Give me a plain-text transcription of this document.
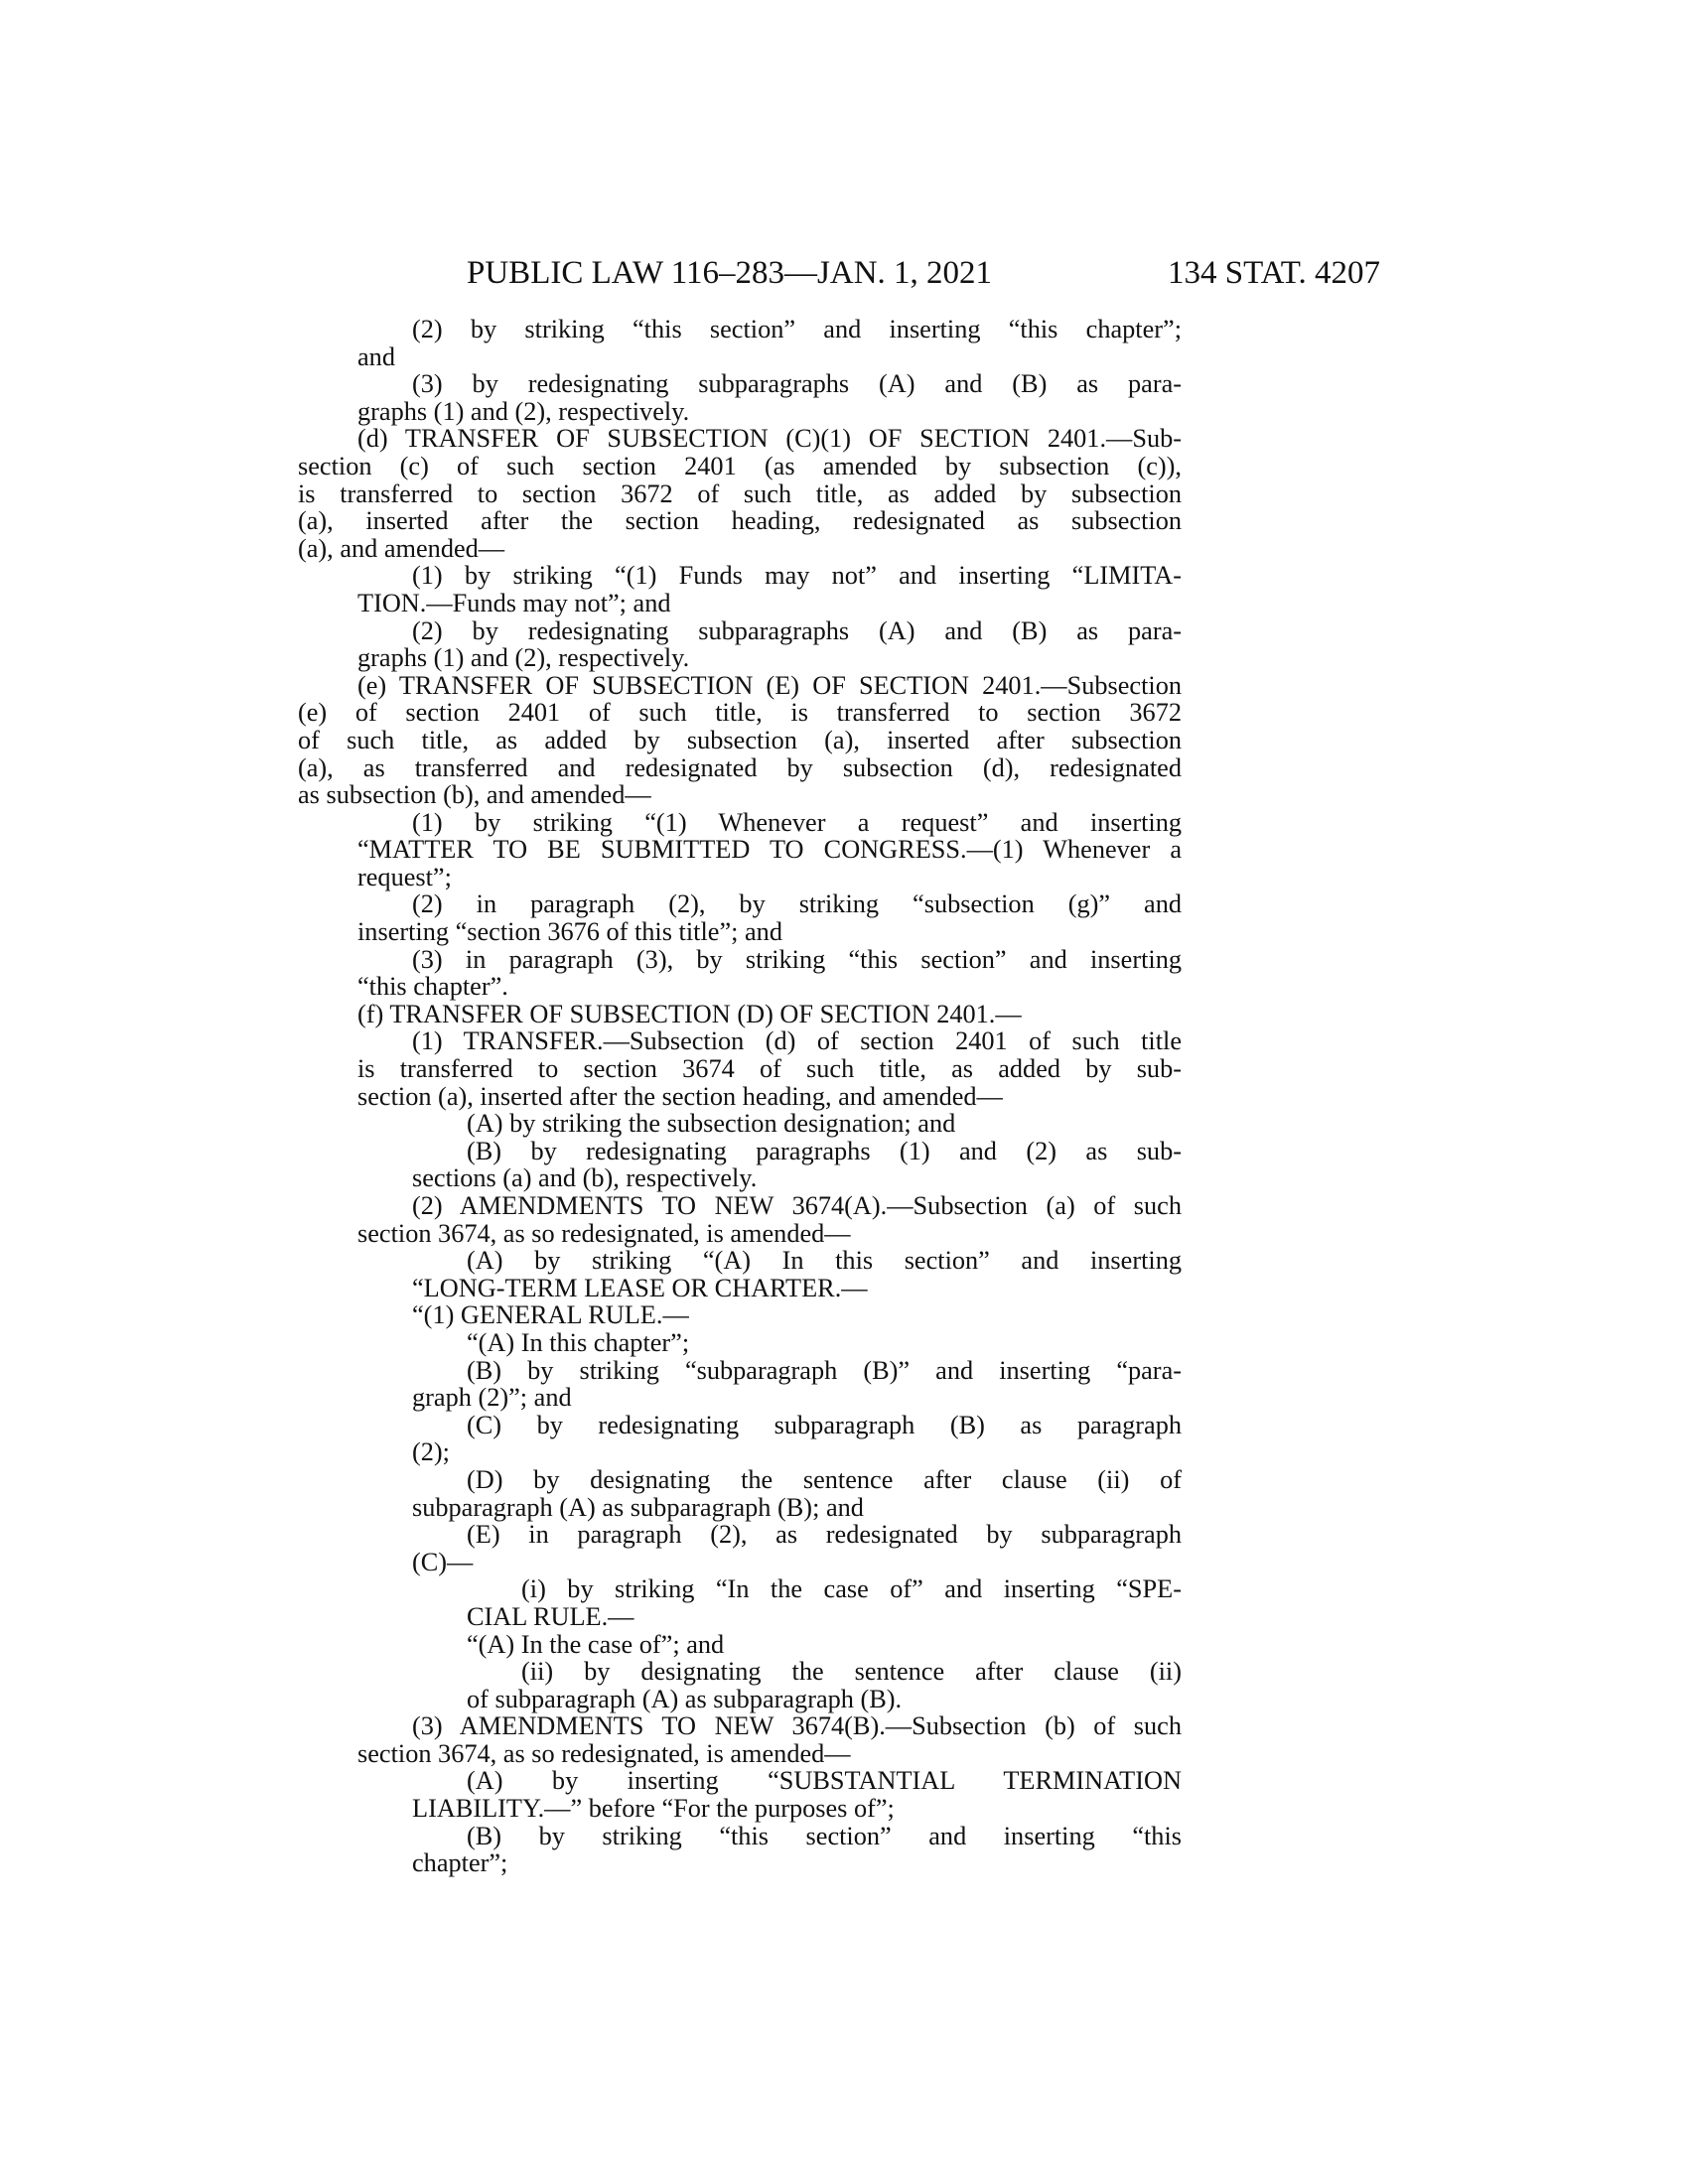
PUBLIC LAW 116–283—JAN. 1, 2021	134 STAT. 4207
(2) by striking “this section” and inserting “this chapter”;
and
(3) by redesignating subparagraphs (A) and (B) as para-
graphs (1) and (2), respectively.
(d) TRANSFER OF SUBSECTION (C)(1) OF SECTION 2401.—Sub-
section (c) of such section 2401 (as amended by subsection (c)),
is transferred to section 3672 of such title, as added by subsection
(a), inserted after the section heading, redesignated as subsection
(a), and amended—
(1) by striking “(1) Funds may not” and inserting “LIMITA-
TION.—Funds may not”; and
(2) by redesignating subparagraphs (A) and (B) as para-
graphs (1) and (2), respectively.
(e) TRANSFER OF SUBSECTION (E) OF SECTION 2401.—Subsection
(e) of section 2401 of such title, is transferred to section 3672
of such title, as added by subsection (a), inserted after subsection
(a), as transferred and redesignated by subsection (d), redesignated
as subsection (b), and amended—
(1) by striking “(1) Whenever a request” and inserting
“MATTER TO BE SUBMITTED TO CONGRESS.—(1) Whenever a
request”;
(2) in paragraph (2), by striking “subsection (g)” and
inserting “section 3676 of this title”; and
(3) in paragraph (3), by striking “this section” and inserting
“this chapter”.
(f) TRANSFER OF SUBSECTION (D) OF SECTION 2401.—
(1) TRANSFER.—Subsection (d) of section 2401 of such title
is transferred to section 3674 of such title, as added by sub-
section (a), inserted after the section heading, and amended—
(A) by striking the subsection designation; and
(B) by redesignating paragraphs (1) and (2) as sub-
sections (a) and (b), respectively.
(2) AMENDMENTS TO NEW 3674(A).—Subsection (a) of such
section 3674, as so redesignated, is amended—
(A) by striking “(A) In this section” and inserting
“LONG-TERM LEASE OR CHARTER.—
“(1) GENERAL RULE.—
“(A) In this chapter”;
(B) by striking “subparagraph (B)” and inserting “para-
graph (2)”; and
(C) by redesignating subparagraph (B) as paragraph
(2);
(D) by designating the sentence after clause (ii) of
subparagraph (A) as subparagraph (B); and
(E) in paragraph (2), as redesignated by subparagraph
(C)—
(i) by striking “In the case of” and inserting “SPE-
CIAL RULE.—
“(A) In the case of”; and
(ii) by designating the sentence after clause (ii)
of subparagraph (A) as subparagraph (B).
(3) AMENDMENTS TO NEW 3674(B).—Subsection (b) of such
section 3674, as so redesignated, is amended—
(A) by inserting “SUBSTANTIAL TERMINATION
LIABILITY.—” before “For the purposes of”;
(B) by striking “this section” and inserting “this
chapter”;
